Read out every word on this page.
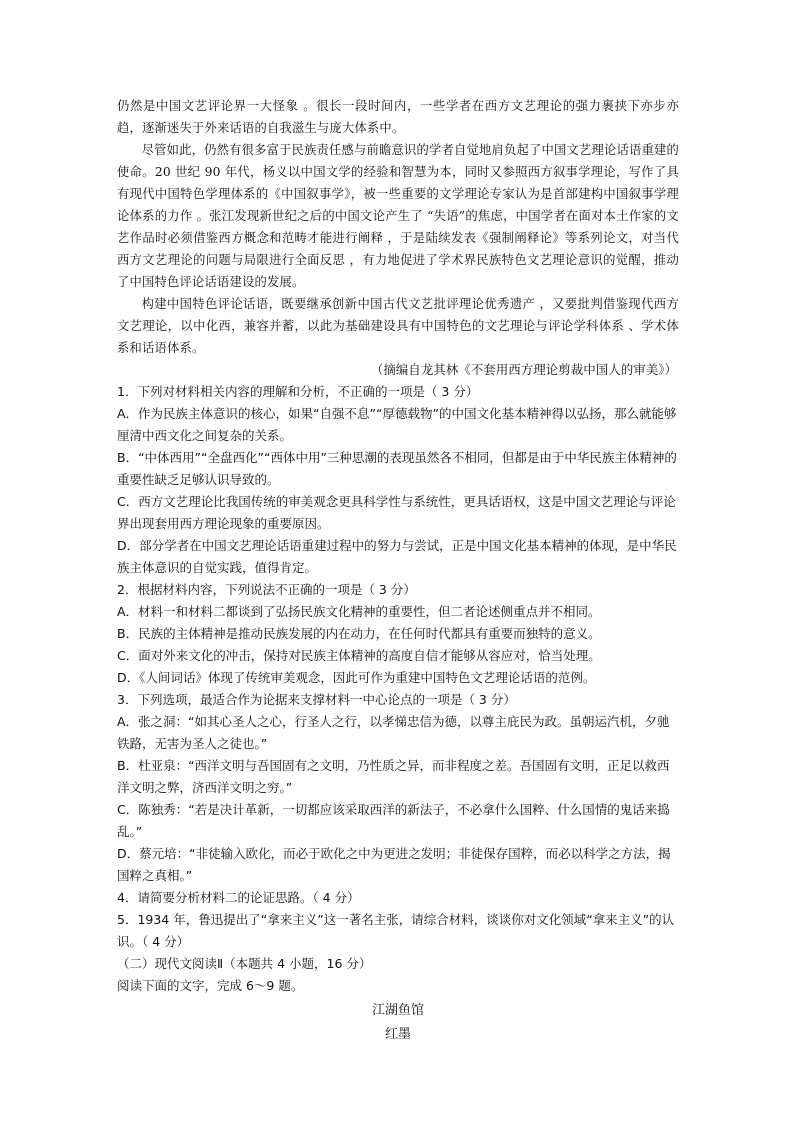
仍然是中国文艺评论界一大怪象 。很长一段时间内，一些学者在西方文艺理论的强力裹挟下亦步亦趋，逐渐迷失于外来话语的自我滋生与庞大体系中。

尽管如此，仍然有很多富于民族责任感与前瞻意识的学者自觉地肩负起了中国文艺理论话语重建的使命。20 世纪 90 年代，杨义以中国文学的经验和智慧为本，同时又参照西方叙事学理论，写作了具有现代中国特色学理体系的《中国叙事学》，被一些重要的文学理论专家认为是首部建构中国叙事学理论体系的力作 。张江发现新世纪之后的中国文论产生了 “失语”的焦虑，中国学者在面对本土作家的文艺作品时必须借鉴西方概念和范畴才能进行阐释 ，于是陆续发表《强制阐释论》等系列论文，对当代西方文艺理论的问题与局限进行全面反思 ，有力地促进了学术界民族特色文艺理论意识的觉醒，推动了中国特色评论话语建设的发展。

构建中国特色评论话语，既要继承创新中国古代文艺批评理论优秀遗产 ，又要批判借鉴现代西方文艺理论，以中化西，兼容并蓄，以此为基础建设具有中国特色的文艺理论与评论学科体系 、学术体系和话语体系。

（摘编自龙其林《不套用西方理论剪裁中国人的审美》）

1．下列对材料相关内容的理解和分析，不正确的一项是（ 3 分）

A．作为民族主体意识的核心，如果“自强不息”“厚德载物”的中国文化基本精神得以弘扬，那么就能够厘清中西文化之间复杂的关系。

B．“中体西用”“全盘西化”“西体中用”三种思潮的表现虽然各不相同，但都是由于中华民族主体精神的重要性缺乏足够认识导致的。

C．西方文艺理论比我国传统的审美观念更具科学性与系统性，更具话语权，这是中国文艺理论与评论界出现套用西方理论现象的重要原因。

D．部分学者在中国文艺理论话语重建过程中的努力与尝试，正是中国文化基本精神的体现，是中华民族主体意识的自觉实践，值得肯定。

2．根据材料内容，下列说法不正确的一项是（ 3 分）

A．材料一和材料二都谈到了弘扬民族文化精神的重要性，但二者论述侧重点并不相同。

B．民族的主体精神是推动民族发展的内在动力，在任何时代都具有重要而独特的意义。

C．面对外来文化的冲击，保持对民族主体精神的高度自信才能够从容应对，恰当处理。

D．《人间词话》体现了传统审美观念，因此可作为重建中国特色文艺理论话语的范例。

3．下列选项，最适合作为论据来支撑材料一中心论点的一项是（ 3 分）

A．张之洞：“如其心圣人之心，行圣人之行，以孝悌忠信为德，以尊主庇民为政。虽朝运汽机，夕驰铁路，无害为圣人之徒也。”

B．杜亚泉：“西洋文明与吾国固有之文明，乃性质之异，而非程度之差。吾国固有文明，正足以救西洋文明之弊，济西洋文明之穷。”

C．陈独秀：“若是决计革新，一切都应该采取西洋的新法子，不必拿什么国粹、什么国情的鬼话来捣乱。”

D．蔡元培：“非徒输入欧化，而必于欧化之中为更进之发明；非徒保存国粹，而必以科学之方法，揭国粹之真相。”

4．请简要分析材料二的论证思路。（ 4 分）

5．1934 年，鲁迅提出了“拿来主义”这一著名主张，请综合材料，谈谈你对文化领域“拿来主义”的认识。（ 4 分）

（二）现代文阅读Ⅱ（本题共 4 小题，16 分）

阅读下面的文字，完成 6～9 题。

江湖鱼馆

红墨
